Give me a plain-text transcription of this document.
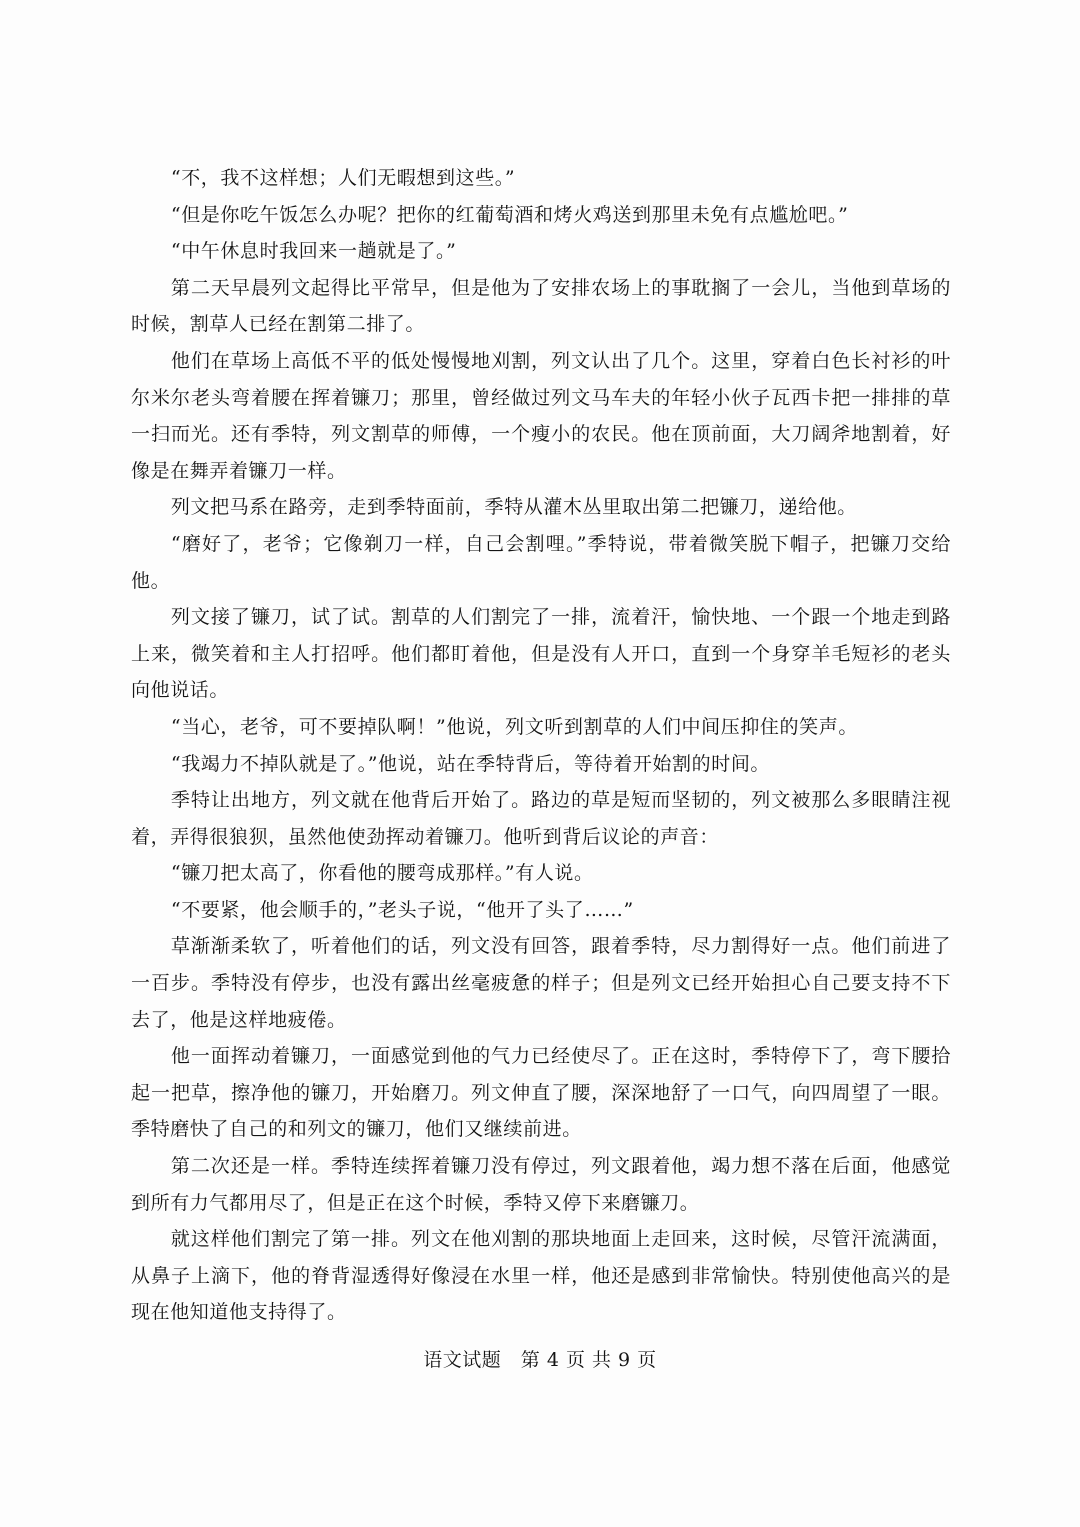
“不，我不这样想；人们无暇想到这些。”

“但是你吃午饭怎么办呢？把你的红葡萄酒和烤火鸡送到那里未免有点尴尬吧。”

“中午休息时我回来一趟就是了。”

第二天早晨列文起得比平常早，但是他为了安排农场上的事耽搁了一会儿，当他到草场的时候，割草人已经在割第二排了。

他们在草场上高低不平的低处慢慢地刈割，列文认出了几个。这里，穿着白色长衬衫的叶尔米尔老头弯着腰在挥着镰刀；那里，曾经做过列文马车夫的年轻小伙子瓦西卡把一排排的草一扫而光。还有季特，列文割草的师傅，一个瘦小的农民。他在顶前面，大刀阔斧地割着，好像是在舞弄着镰刀一样。

列文把马系在路旁，走到季特面前，季特从灌木丛里取出第二把镰刀，递给他。

“磨好了，老爷；它像剃刀一样，自己会割哩。”季特说，带着微笑脱下帽子，把镰刀交给他。

列文接了镰刀，试了试。割草的人们割完了一排，流着汗，愉快地、一个跟一个地走到路上来，微笑着和主人打招呼。他们都盯着他，但是没有人开口，直到一个身穿羊毛短衫的老头向他说话。

“当心，老爷，可不要掉队啊！”他说，列文听到割草的人们中间压抑住的笑声。

“我竭力不掉队就是了。”他说，站在季特背后，等待着开始割的时间。

季特让出地方，列文就在他背后开始了。路边的草是短而坚韧的，列文被那么多眼睛注视着，弄得很狼狈，虽然他使劲挥动着镰刀。他听到背后议论的声音：

“镰刀把太高了，你看他的腰弯成那样。”有人说。

“不要紧，他会顺手的，”老头子说，“他开了头了……”

草渐渐柔软了，听着他们的话，列文没有回答，跟着季特，尽力割得好一点。他们前进了一百步。季特没有停步，也没有露出丝毫疲惫的样子；但是列文已经开始担心自己要支持不下去了，他是这样地疲倦。

他一面挥动着镰刀，一面感觉到他的气力已经使尽了。正在这时，季特停下了，弯下腰拾起一把草，擦净他的镰刀，开始磨刀。列文伸直了腰，深深地舒了一口气，向四周望了一眼。季特磨快了自己的和列文的镰刀，他们又继续前进。

第二次还是一样。季特连续挥着镰刀没有停过，列文跟着他，竭力想不落在后面，他感觉到所有力气都用尽了，但是正在这个时候，季特又停下来磨镰刀。

就这样他们割完了第一排。列文在他刈割的那块地面上走回来，这时候，尽管汗流满面，从鼻子上滴下，他的脊背湿透得好像浸在水里一样，他还是感到非常愉快。特别使他高兴的是现在他知道他支持得了。

语文试题　第 4 页 共 9 页
